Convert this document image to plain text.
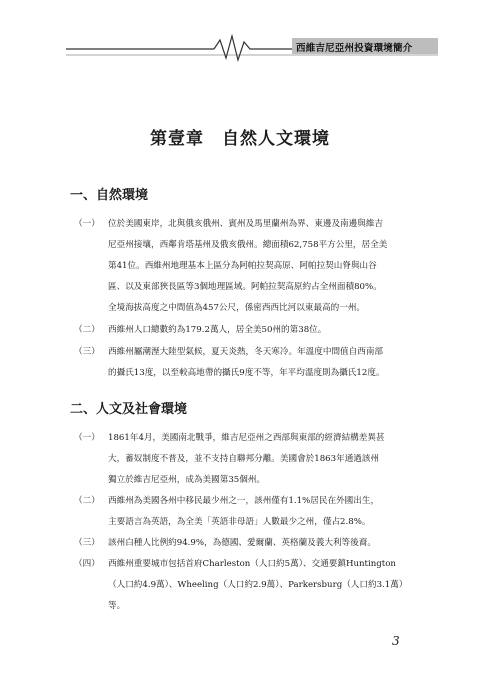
西維吉尼亞州投資環境簡介
第壹章　自然人文環境
一、自然環境
（一） 位於美國東岸，北與俄亥俄州、賓州及馬里蘭州為界、東邊及南邊與維吉
尼亞州接壤，西鄰肯塔基州及俄亥俄州。總面積62,758平方公里，居全美
第41位。西維州地理基本上區分為阿帕拉契高原、阿帕拉契山脊與山谷
區、以及東部狹長區等3個地理區域。阿帕拉契高原約占全州面積80%。
全境海拔高度之中間值為457公尺，係密西西比河以東最高的一州。
（二） 西維州人口總數約為179.2萬人，居全美50州的第38位。
（三） 西維州屬潮溼大陸型氣候，夏天炎熱，冬天寒冷。年溫度中間值自西南部
的攝氏13度，以至較高地帶的攝氏9度不等，年平均溫度則為攝氏12度。
二、人文及社會環境
（一） 1861年4月，美國南北戰爭，維吉尼亞州之西部與東部的經濟結構差異甚
大，蓄奴制度不普及，並不支持自聯邦分離。美國會於1863年通過該州
獨立於維吉尼亞州，成為美國第35個州。
（二） 西維州為美國各州中移民最少州之一，該州僅有1.1%居民在外國出生，
主要語言為英語，為全美「英語非母語」人數最少之州，僅占2.8%。
（三） 該州白種人比例約94.9%，為德國、愛爾蘭、英格蘭及義大利等後裔。
（四） 西維州重要城市包括首府Charleston（人口約5萬）、交通要鎮Huntington
（人口約4.9萬）、Wheeling（人口約2.9萬）、Parkersburg（人口約3.1萬）
等。
3
